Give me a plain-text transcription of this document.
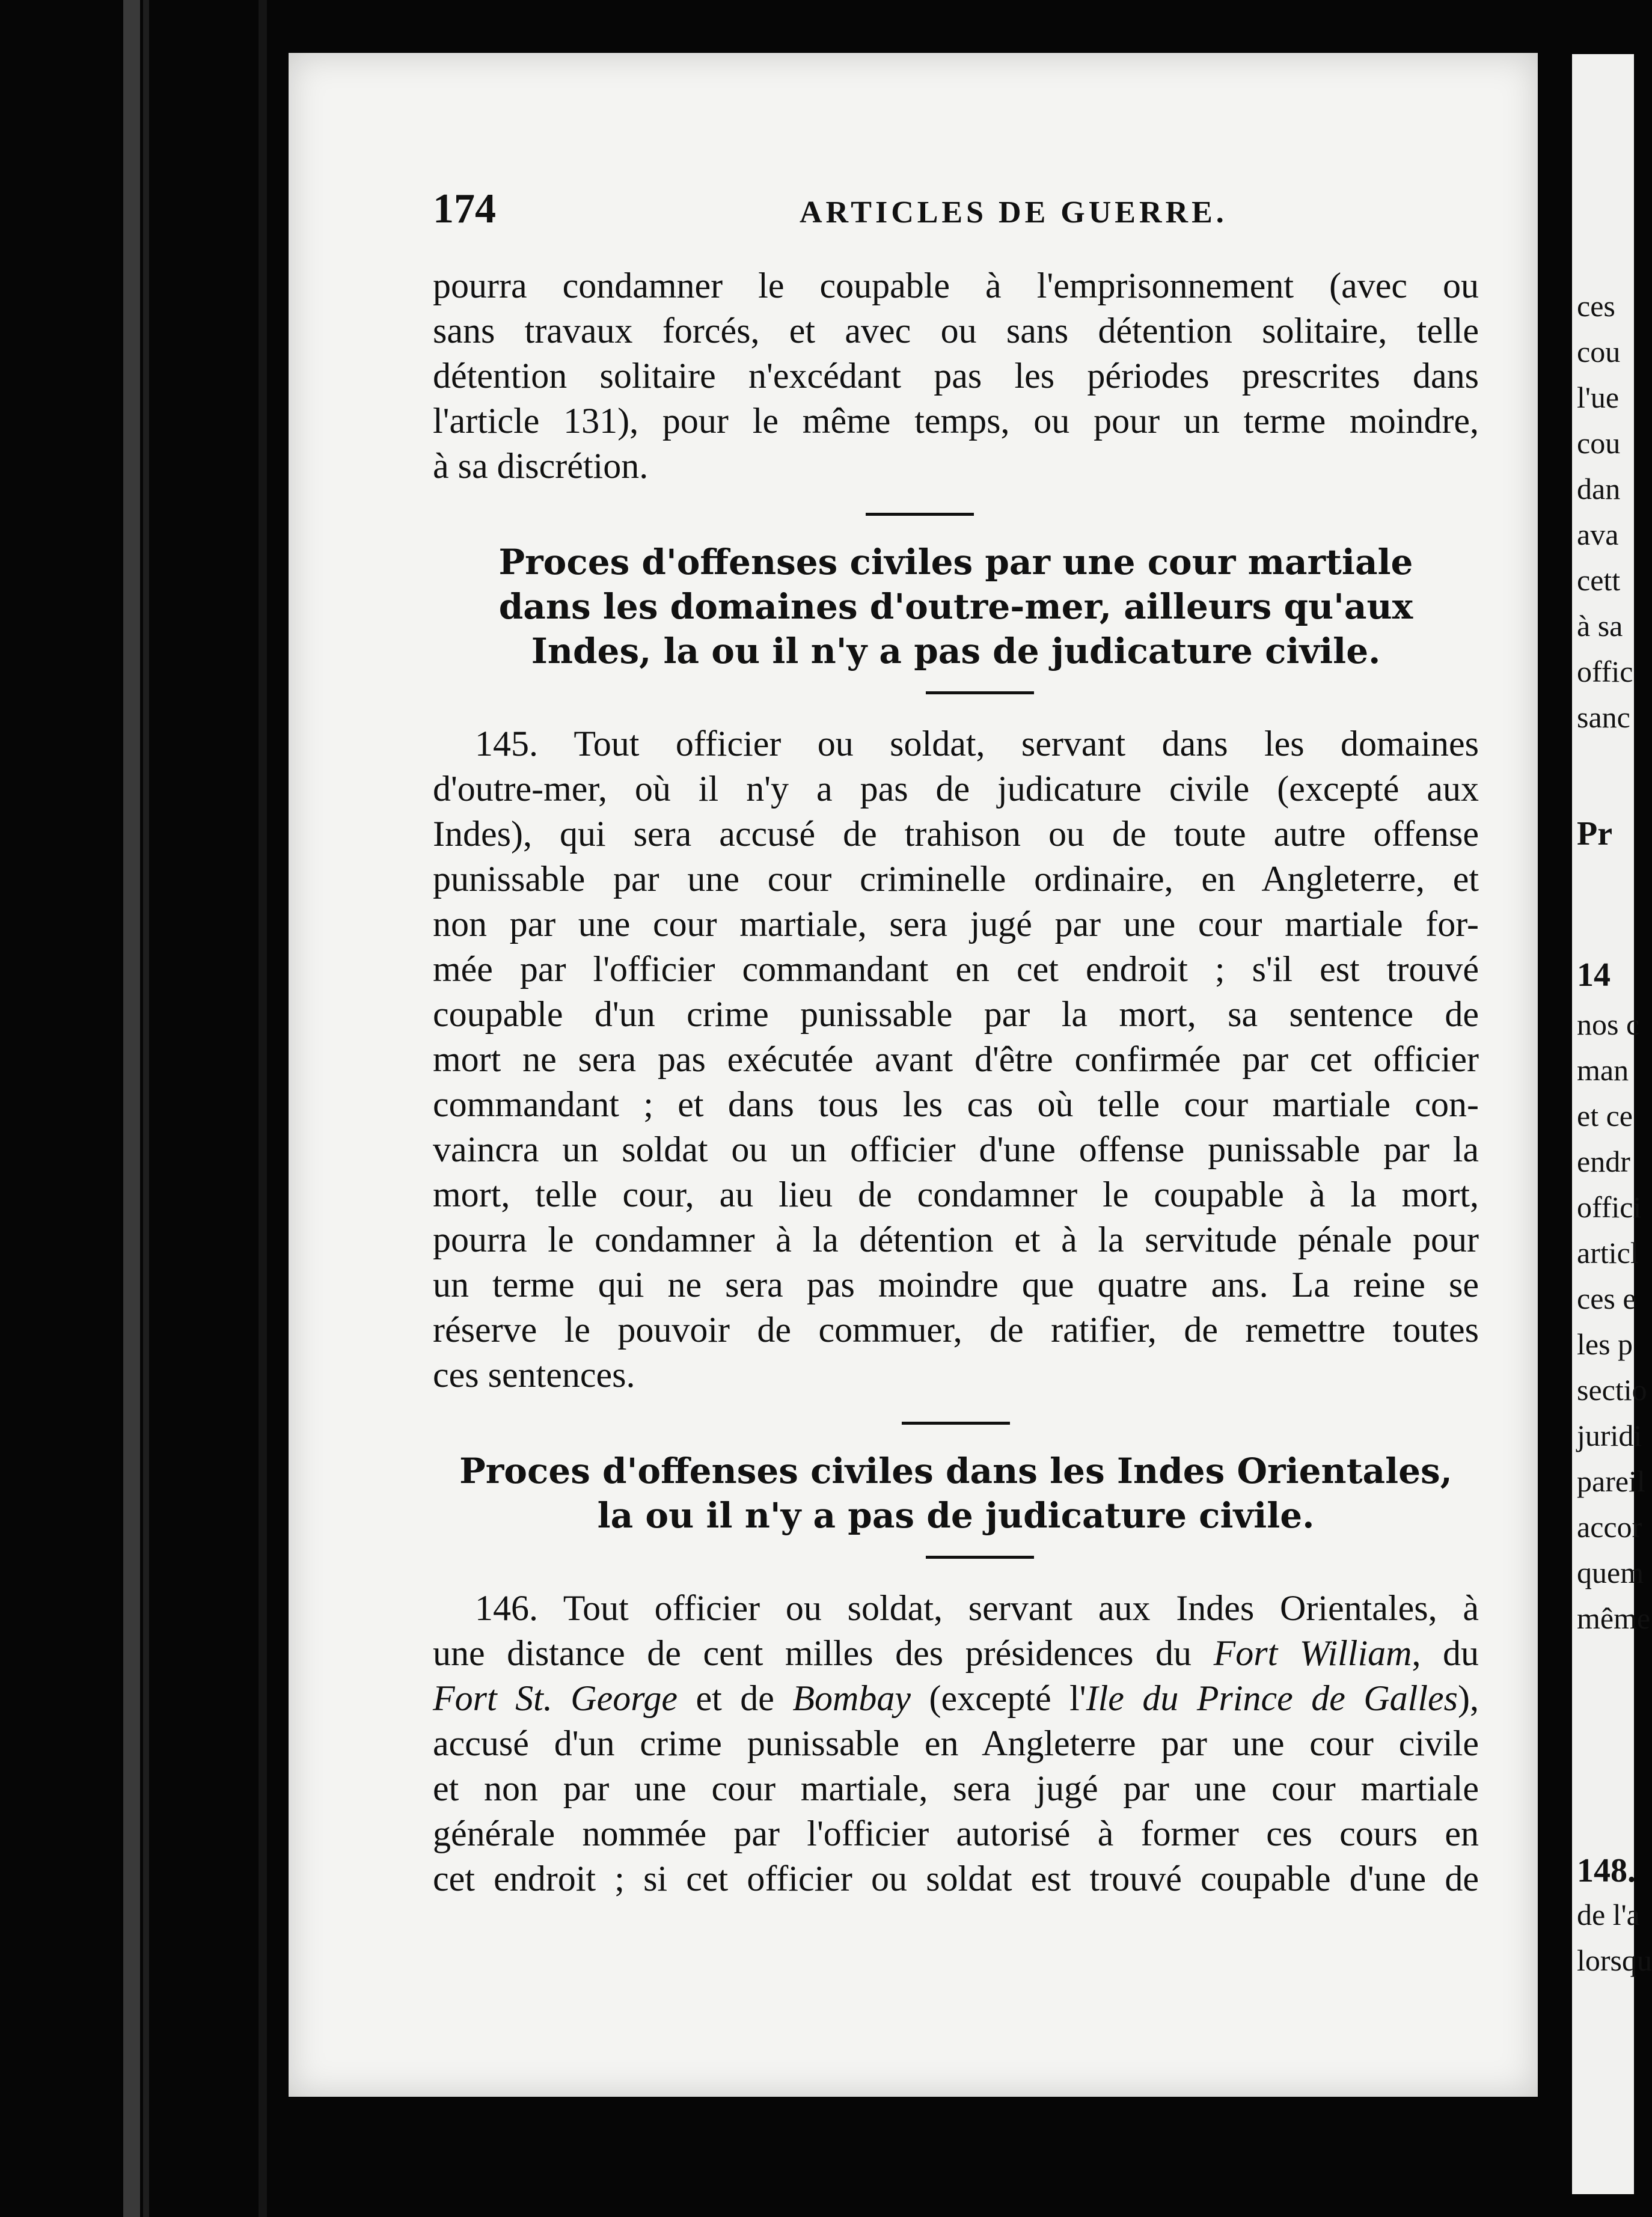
174	ARTICLES DE GUERRE.

pourra condamner le coupable à l'emprisonnement (avec ou
sans travaux forcés, et avec ou sans détention solitaire, telle
détention solitaire n'excédant pas les périodes prescrites dans
l'article 131), pour le même temps, ou pour un terme moindre,
à sa discrétion.

Proces d'offenses civiles par une cour martiale
dans les domaines d'outre-mer, ailleurs qu'aux
Indes, la ou il n'y a pas de judicature civile.

145. Tout officier ou soldat, servant dans les domaines
d'outre-mer, où il n'y a pas de judicature civile (excepté aux
Indes), qui sera accusé de trahison ou de toute autre offense
punissable par une cour criminelle ordinaire, en Angleterre, et
non par une cour martiale, sera jugé par une cour martiale for-
mée par l'officier commandant en cet endroit ; s'il est trouvé
coupable d'un crime punissable par la mort, sa sentence de
mort ne sera pas exécutée avant d'être confirmée par cet officier
commandant ; et dans tous les cas où telle cour martiale con-
vaincra un soldat ou un officier d'une offense punissable par la
mort, telle cour, au lieu de condamner le coupable à la mort,
pourra le condamner à la détention et à la servitude pénale pour
un terme qui ne sera pas moindre que quatre ans. La reine se
réserve le pouvoir de commuer, de ratifier, de remettre toutes
ces sentences.

Proces d'offenses civiles dans les Indes Orientales,
la ou il n'y a pas de judicature civile.

146. Tout officier ou soldat, servant aux Indes Orientales, à
une distance de cent milles des présidences du Fort William, du
Fort St. George et de Bombay (excepté l'Ile du Prince de Galles),
accusé d'un crime punissable en Angleterre par une cour civile
et non par une cour martiale, sera jugé par une cour martiale
générale nommée par l'officier autorisé à former ces cours en
cet endroit ; si cet officier ou soldat est trouvé coupable d'une de

ces
cou
l'ue
cou
dan
ava
cett
à sa
offic
sanc
Pr
14
nos c
man
et ce
endr
offici
articl
ces e
les p
sectio
juridi
pareil
accor
quem
même
148.
de l'a
lorsqu
